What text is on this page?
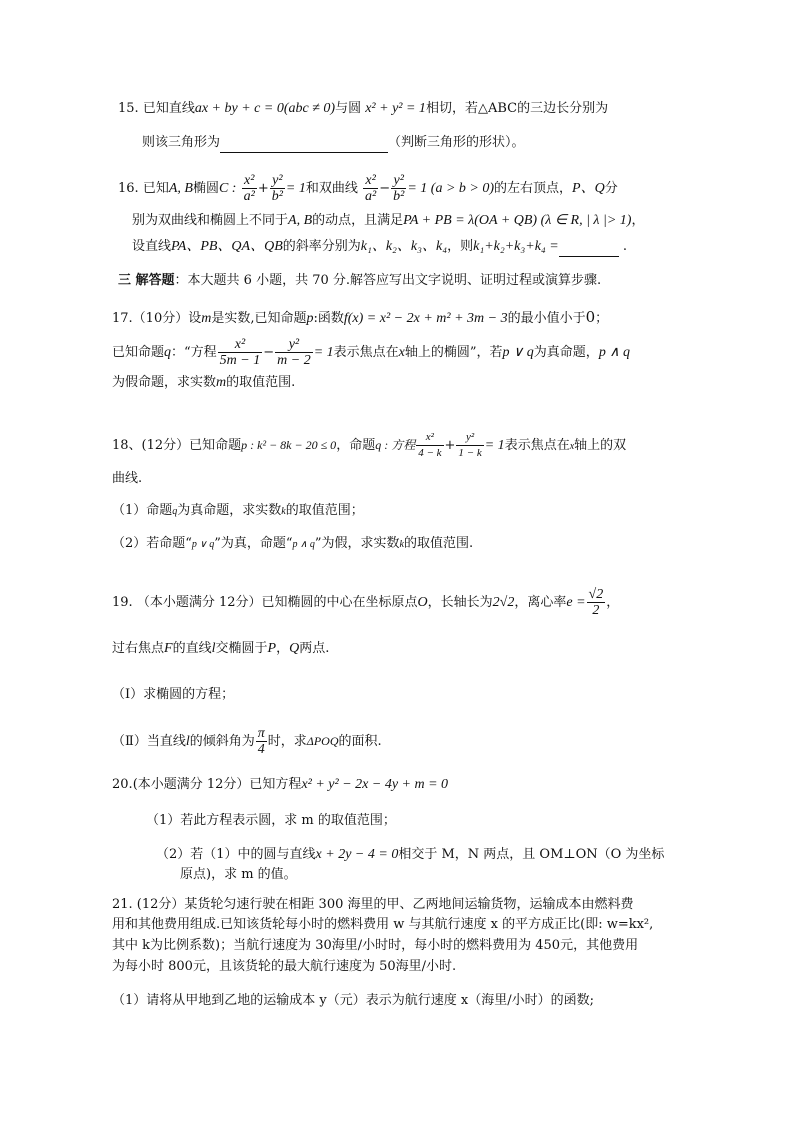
15. 已知直线ax + by + c = 0(abc ≠ 0)与圆 x² + y² = 1相切，若△ABC的三边长分别为
则该三角形为	（判断三角形的形状）。
16. 已知A, B椭圆C : $\frac{\text{x²}}{\text{a²}} + \frac{\text{y²}}{\text{b²}} = 1$和双曲线 $\frac{\text{x²}}{\text{a²}} - \frac{\text{y²}}{\text{b²}} = 1$ (a > b > 0)的左右顶点，P、Q分
别为双曲线和椭圆上不同于A, B的动点，且满足PA + PB = λ(OA + QB) (λ ∈ R, | λ |> 1)，
设直线PA、PB、QA、QB的斜率分别为k₁、k₂、k₃、k₄，则k₁+k₂+k₃+k₄ =	.
三 解答题：本大题共 6 小题，共 70 分.解答应写出文字说明、证明过程或演算步骤.
17.（10分）设m是实数,已知命题p:函数f(x) = x² − 2x + m² + 3m − 3的最小值小于0；
已知命题q：“方程 $\frac{\text{x²}}{5m - 1} - \frac{\text{y²}}{m - 2} = 1$表示焦点在x轴上的椭圆”，若p ∨ q为真命题，p ∧ q
为假命题，求实数m的取值范围.
18、(12分）已知命题p : k² − 8k − 20 ≤ 0，命题q : 方程 $\frac{\text{x²}}{4 - k} + \frac{\text{y²}}{1 - k} = 1$表示焦点在x轴上的双
曲线.
（1）命题q为真命题，求实数k的取值范围；
（2）若命题“p ∨ q”为真，命题“p ∧ q”为假，求实数k的取值范围.
19. （本小题满分 12分）已知椭圆的中心在坐标原点O，长轴长为2√2，离心率$e = \frac{√2}{2}$ ，
过右焦点F的直线l交椭圆于P，Q两点.
（Ⅰ）求椭圆的方程；
（Ⅱ）当直线l的倾斜角为 $\frac{\pi}{4}$ 时，求ΔPOQ的面积.
20.(本小题满分 12分）已知方程x² + y² − 2x − 4y + m = 0
（1）若此方程表示圆，求 m 的取值范围；
（2）若（1）中的圆与直线x + 2y − 4 = 0相交于 M，N 两点，且 OM⊥ON（O 为坐标
原点)，求 m 的值。
21. (12分）某货轮匀速行驶在相距 300 海里的甲、乙两地间运输货物，运输成本由燃料费
用和其他费用组成.已知该货轮每小时的燃料费用 w 与其航行速度 x 的平方成正比(即: w=kx²,
其中 k为比例系数)；当航行速度为 30海里/小时时，每小时的燃料费用为 450元，其他费用
为每小时 800元，且该货轮的最大航行速度为 50海里/小时.
（1）请将从甲地到乙地的运输成本 y（元）表示为航行速度 x（海里/小时）的函数;
